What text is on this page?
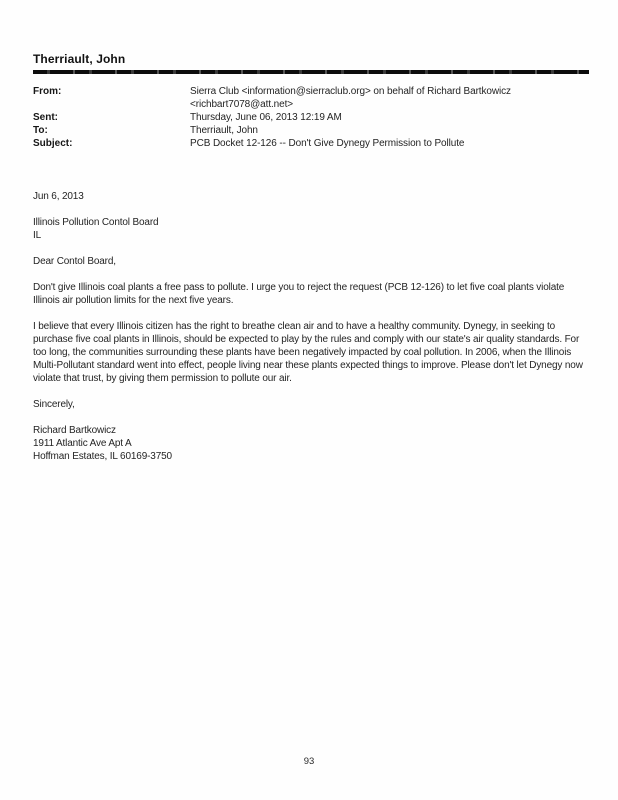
Therriault, John
From:	Sierra Club <information@sierraclub.org> on behalf of Richard Bartkowicz <richbart7078@att.net>
Sent:	Thursday, June 06, 2013 12:19 AM
To:	Therriault, John
Subject:	PCB Docket 12-126 -- Don't Give Dynegy Permission to Pollute
Jun 6, 2013
Illinois Pollution Contol Board
IL
Dear Contol Board,
Don't give Illinois coal plants a free pass to pollute. I urge you to reject the request (PCB 12-126) to let five coal plants violate Illinois air pollution limits for the next five years.
I believe that every Illinois citizen has the right to breathe clean air and to have a healthy community. Dynegy, in seeking to purchase five coal plants in Illinois, should be expected to play by the rules and comply with our state's air quality standards. For too long, the communities surrounding these plants have been negatively impacted by coal pollution. In 2006, when the Illinois Multi-Pollutant standard went into effect, people living near these plants expected things to improve. Please don't let Dynegy now violate that trust, by giving them permission to pollute our air.
Sincerely,
Richard Bartkowicz
1911 Atlantic Ave Apt A
Hoffman Estates, IL 60169-3750
93
